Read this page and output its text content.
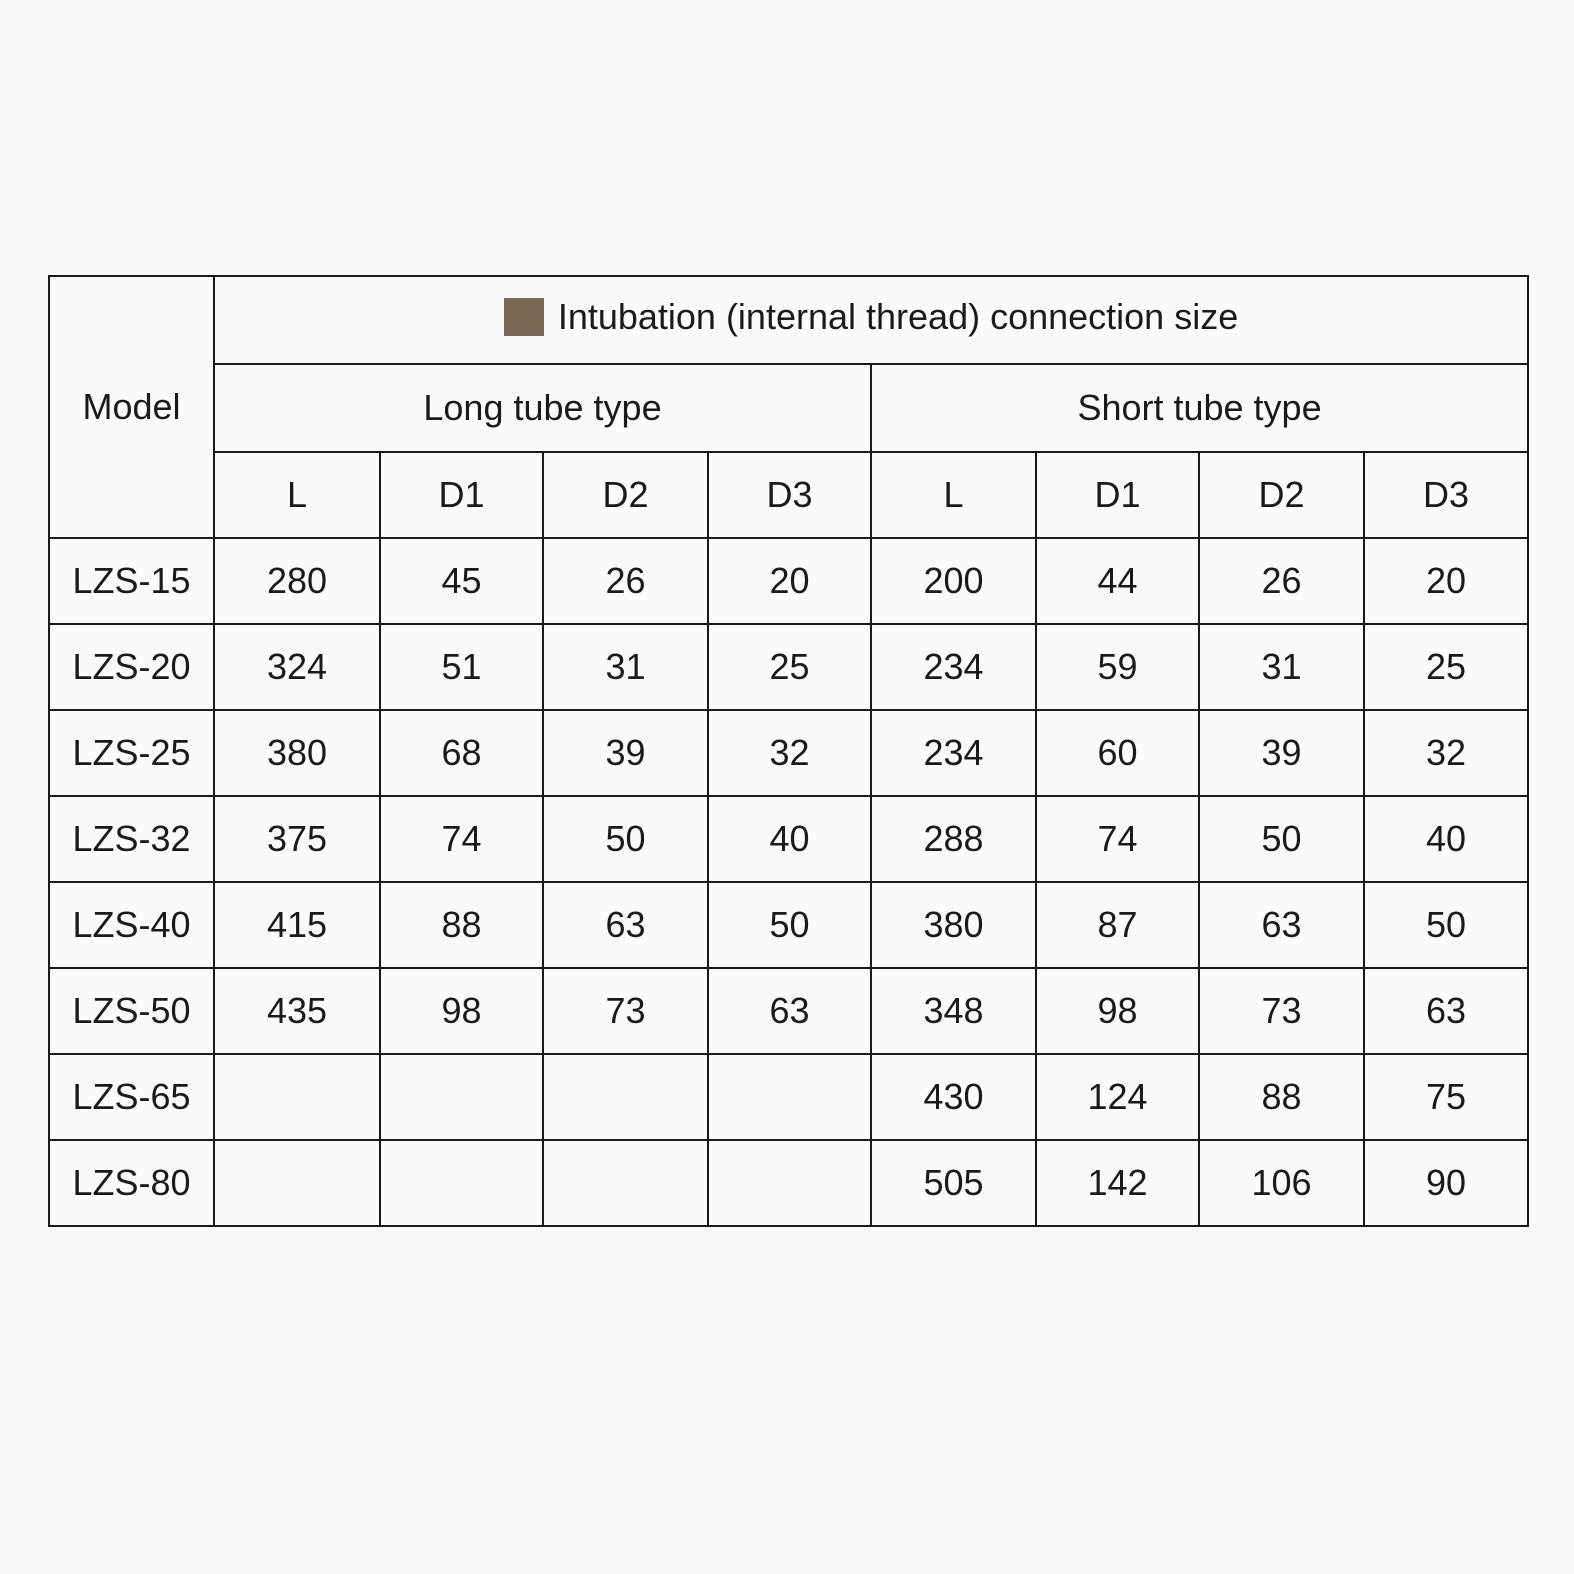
Model	Intubation (internal thread) connection size							

	Long tube type				Short tube type			
	L	D1	D2	D3	L	D1	D2	D3
LZS-15	280	45	26	20	200	44	26	20
LZS-20	324	51	31	25	234	59	31	25
LZS-25	380	68	39	32	234	60	39	32
LZS-32	375	74	50	40	288	74	50	40
LZS-40	415	88	63	50	380	87	63	50
LZS-50	435	98	73	63	348	98	73	63
LZS-65					430	124	88	75
LZS-80					505	142	106	90
